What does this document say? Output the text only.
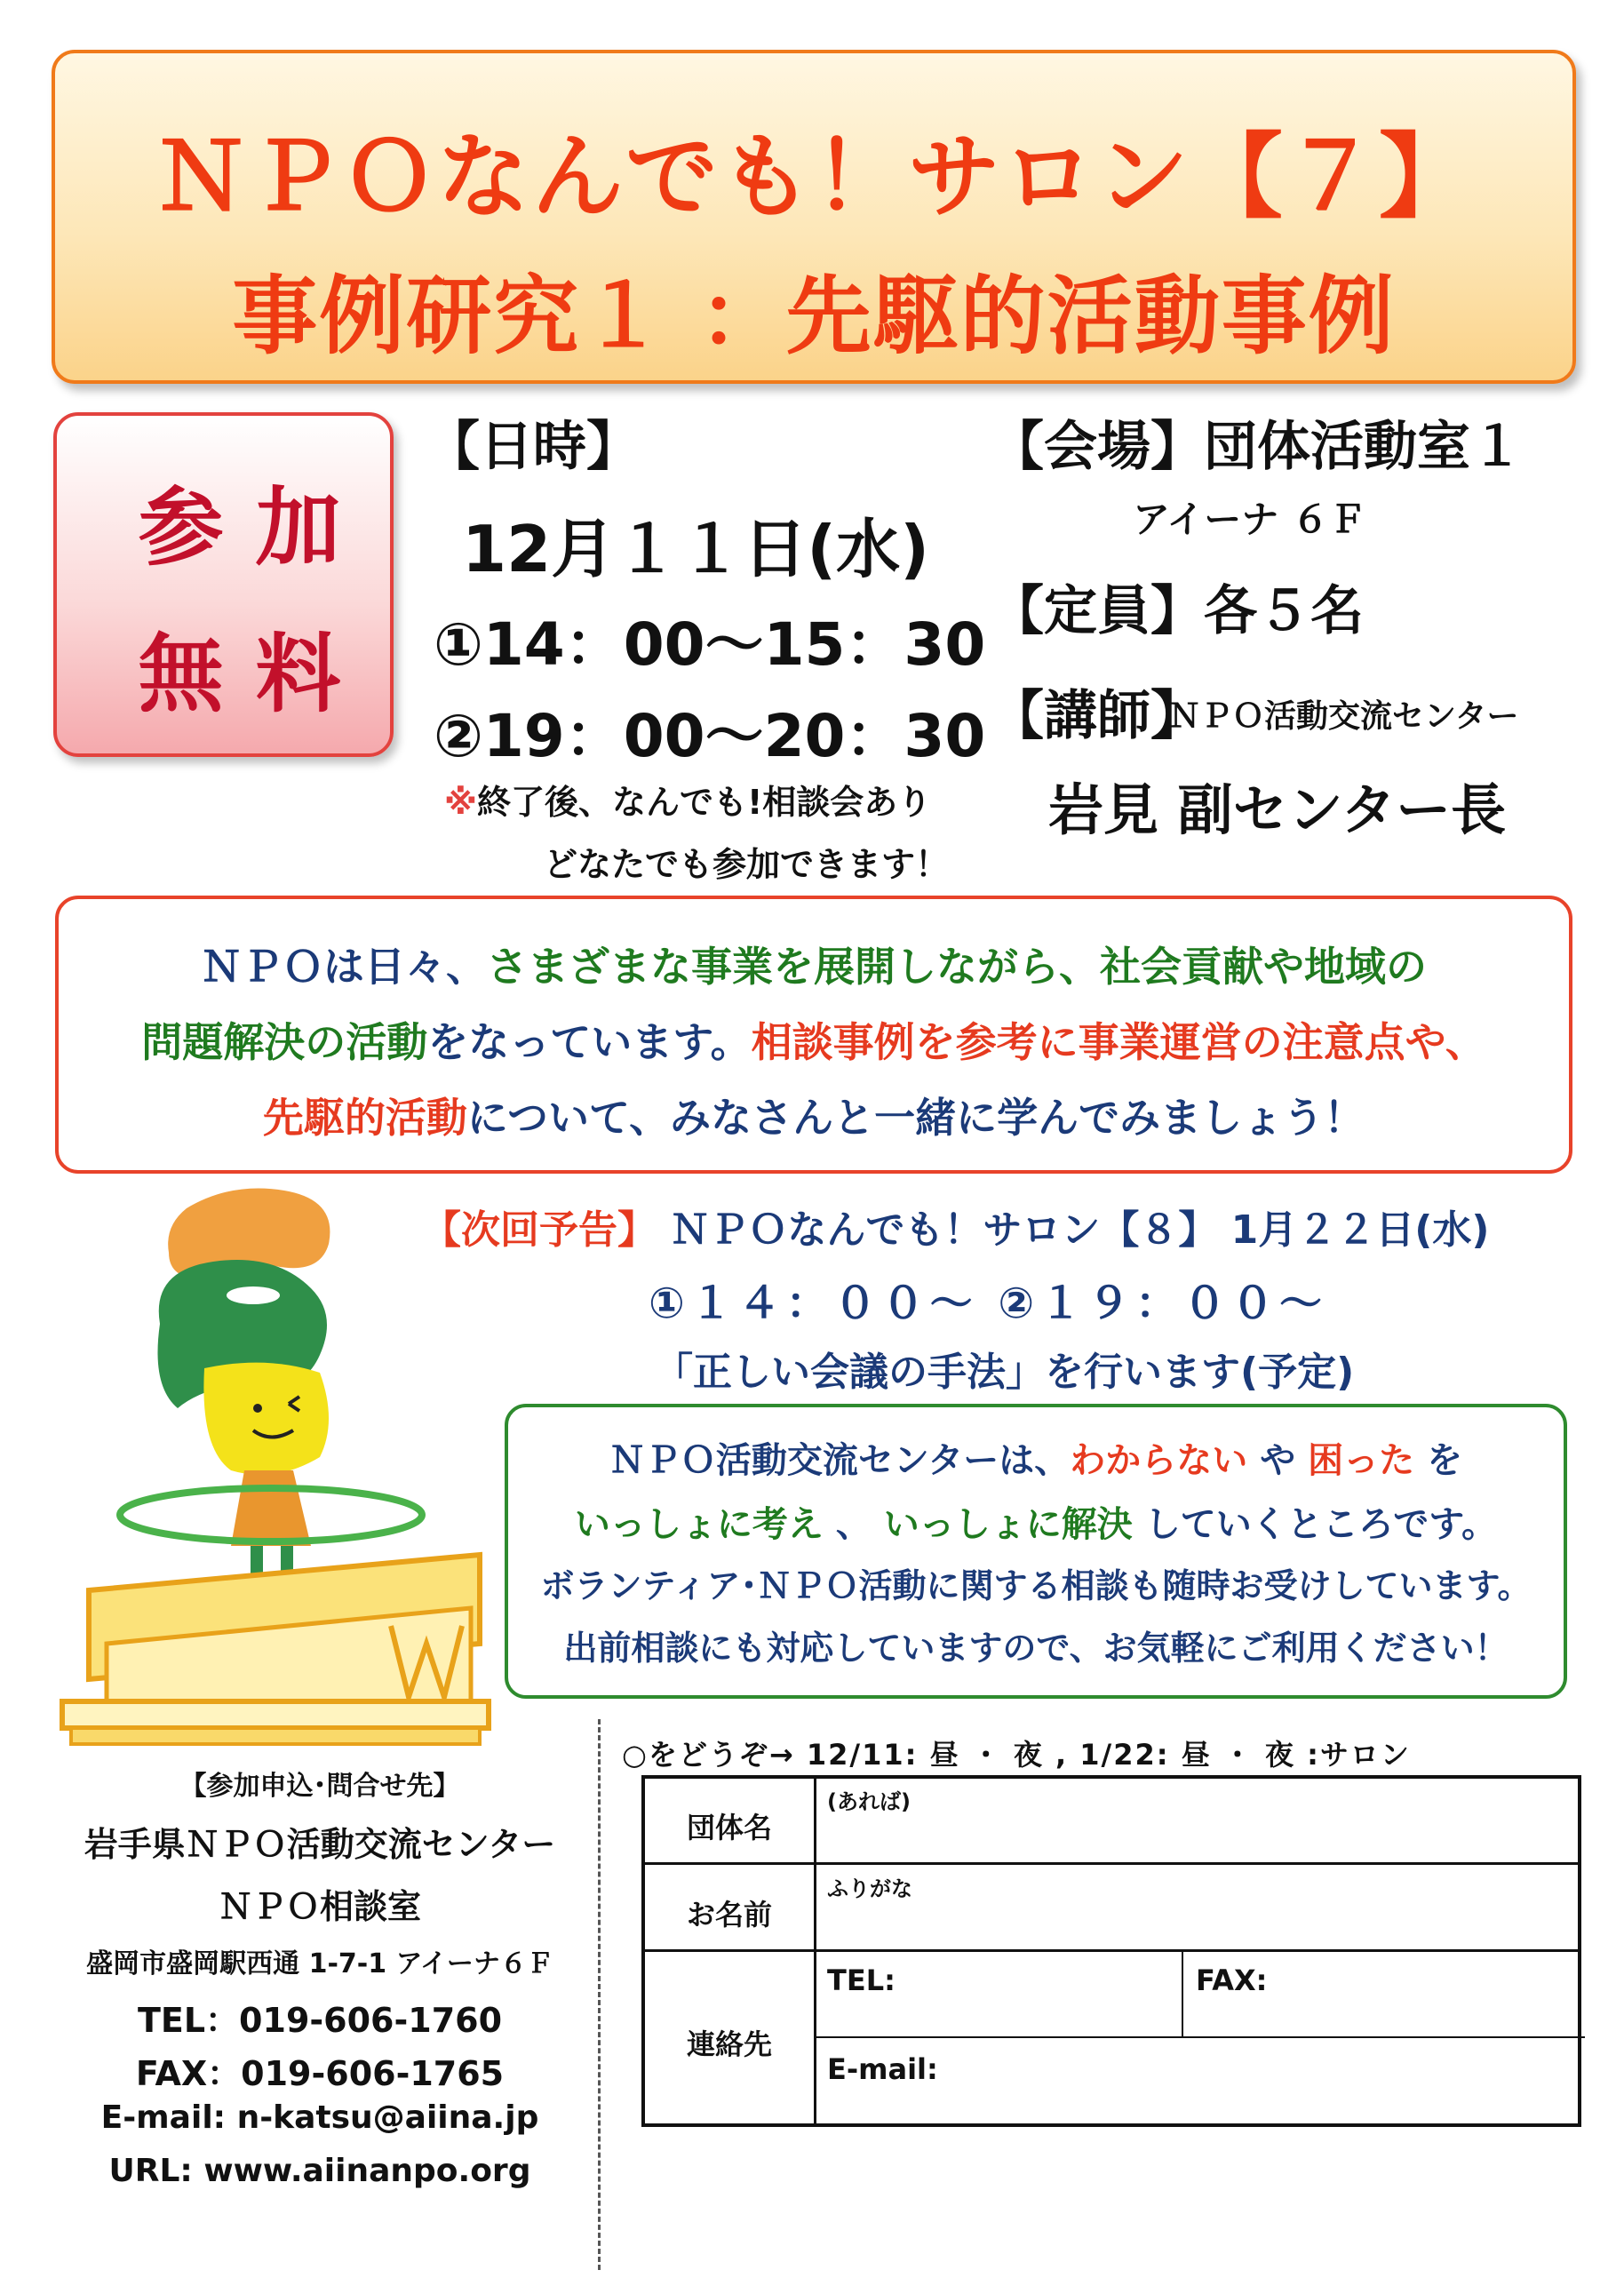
ＮＰＯなんでも！サロン【７】
事例研究１ ：先駆的活動事例
参加
無料
【日時】
12月１１日(水)
①14：00～15：30
②19：00～20：30
※終了後、なんでも!相談会あり
どなたでも参加できます！
【会場】団体活動室１
アイーナ ６Ｆ
【定員】各５名
【講師】
ＮＰＯ活動交流センター
岩見 副センター長
ＮＰＯは日々、さまざまな事業を展開しながら、社会貢献や地域の
問題解決の活動をなっています。相談事例を参考に事業運営の注意点や、
先駆的活動について、みなさんと一緒に学んでみましょう！
【次回予告】 ＮＰＯなんでも！サロン【８】 1月２２日(水)
①１４：００～ ②１９：００～
「正しい会議の手法」を行います(予定)
ＮＰＯ活動交流センターは、わからない や 困った を
いっしょに考え 、 いっしょに解決 していくところです。
ボランティア･ＮＰＯ活動に関する相談も随時お受けしています。
出前相談にも対応していますので、お気軽にご利用ください！
【参加申込･問合せ先】
岩手県ＮＰＯ活動交流センター
ＮＰＯ相談室
盛岡市盛岡駅西通 1-7-1 アイーナ６Ｆ
TEL：019-606-1760
FAX：019-606-1765
E-mail: n-katsu@aiina.jp
URL: www.aiinanpo.org
○をどうぞ→ 12/11: 昼 ・ 夜 , 1/22: 昼 ・ 夜 :サロン
団体名
(あれば)
お名前
ふりがな
連絡先
TEL:	FAX:
E-mail:
